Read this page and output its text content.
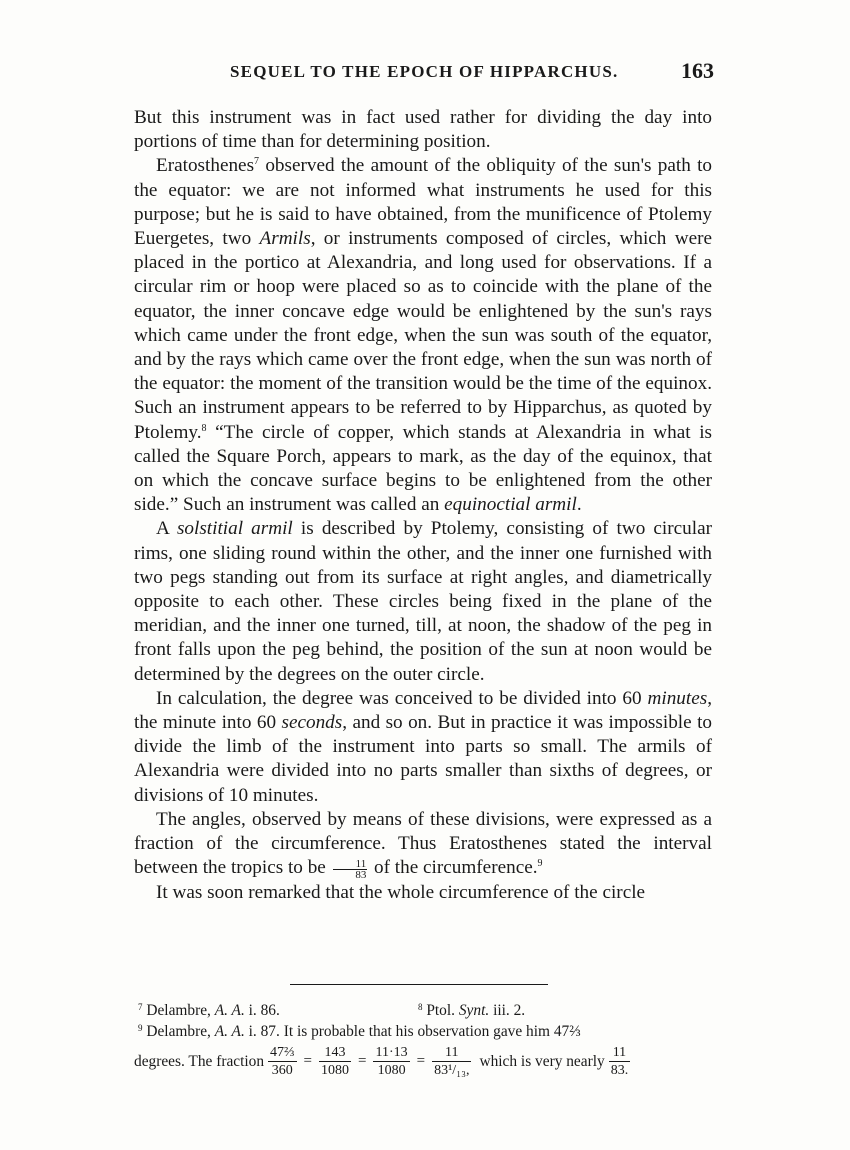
SEQUEL TO THE EPOCH OF HIPPARCHUS.	163

But this instrument was in fact used rather for dividing the day into portions of time than for determining position.

Eratosthenes$^7$ observed the amount of the obliquity of the sun's path to the equator: we are not informed what instruments he used for this purpose; but he is said to have obtained, from the munificence of Ptolemy Euergetes, two Armils, or instruments composed of circles, which were placed in the portico at Alexandria, and long used for observations. If a circular rim or hoop were placed so as to coincide with the plane of the equator, the inner concave edge would be enlightened by the sun's rays which came under the front edge, when the sun was south of the equator, and by the rays which came over the front edge, when the sun was north of the equator: the moment of the transition would be the time of the equinox. Such an instrument appears to be referred to by Hipparchus, as quoted by Ptolemy.$^8$ “The circle of copper, which stands at Alexandria in what is called the Square Porch, appears to mark, as the day of the equinox, that on which the concave surface begins to be enlightened from the other side.” Such an instrument was called an equinoctial armil.

A solstitial armil is described by Ptolemy, consisting of two circular rims, one sliding round within the other, and the inner one furnished with two pegs standing out from its surface at right angles, and diametrically opposite to each other. These circles being fixed in the plane of the meridian, and the inner one turned, till, at noon, the shadow of the peg in front falls upon the peg behind, the position of the sun at noon would be determined by the degrees on the outer circle.

In calculation, the degree was conceived to be divided into 60 minutes, the minute into 60 seconds, and so on. But in practice it was impossible to divide the limb of the instrument into parts so small. The armils of Alexandria were divided into no parts smaller than sixths of degrees, or divisions of 10 minutes.

The angles, observed by means of these divisions, were expressed as a fraction of the circumference. Thus Eratosthenes stated the interval between the tropics to be $\frac{11}{83}$ of the circumference.$^9$

It was soon remarked that the whole circumference of the circle

$^7$ Delambre, A. A. i. 86.	$^8$ Ptol. Synt. iii. 2.
$^9$ Delambre, A. A. i. 87. It is probable that his observation gave him 47⅔
degrees. The fraction $\frac{\text{47⅔}}{360} = \frac{143}{1080} = \frac{11\cdot 13}{1080} = \frac{11}{\text{83¹/₁₃,}}$ which is very nearly
11
83.
